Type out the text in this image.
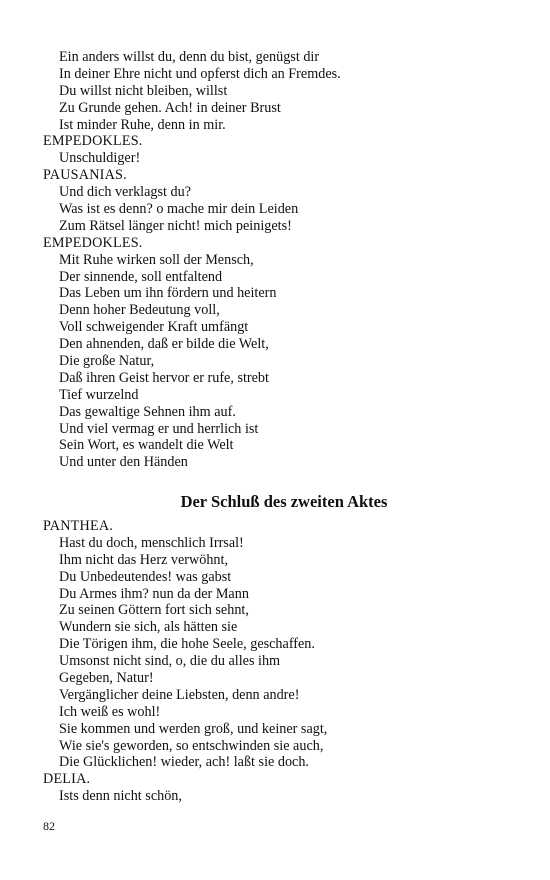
Ein anders willst du, denn du bist, genügst dir
In deiner Ehre nicht und opferst dich an Fremdes.
Du willst nicht bleiben, willst
Zu Grunde gehen. Ach! in deiner Brust
Ist minder Ruhe, denn in mir.
EMPEDOKLES.
Unschuldiger!
PAUSANIAS.
Und dich verklagst du?
Was ist es denn? o mache mir dein Leiden
Zum Rätsel länger nicht! mich peinigets!
EMPEDOKLES.
Mit Ruhe wirken soll der Mensch,
Der sinnende, soll entfaltend
Das Leben um ihn fördern und heitern
Denn hoher Bedeutung voll,
Voll schweigender Kraft umfängt
Den ahnenden, daß er bilde die Welt,
Die große Natur,
Daß ihren Geist hervor er rufe, strebt
Tief wurzelnd
Das gewaltige Sehnen ihm auf.
Und viel vermag er und herrlich ist
Sein Wort, es wandelt die Welt
Und unter den Händen
Der Schluß des zweiten Aktes
PANTHEA.
Hast du doch, menschlich Irrsal!
Ihm nicht das Herz verwöhnt,
Du Unbedeutendes! was gabst
Du Armes ihm? nun da der Mann
Zu seinen Göttern fort sich sehnt,
Wundern sie sich, als hätten sie
Die Törigen ihm, die hohe Seele, geschaffen.
Umsonst nicht sind, o, die du alles ihm
Gegeben, Natur!
Vergänglicher deine Liebsten, denn andre!
Ich weiß es wohl!
Sie kommen und werden groß, und keiner sagt,
Wie sie's geworden, so entschwinden sie auch,
Die Glücklichen! wieder, ach! laßt sie doch.
DELIA.
Ists denn nicht schön,
82
